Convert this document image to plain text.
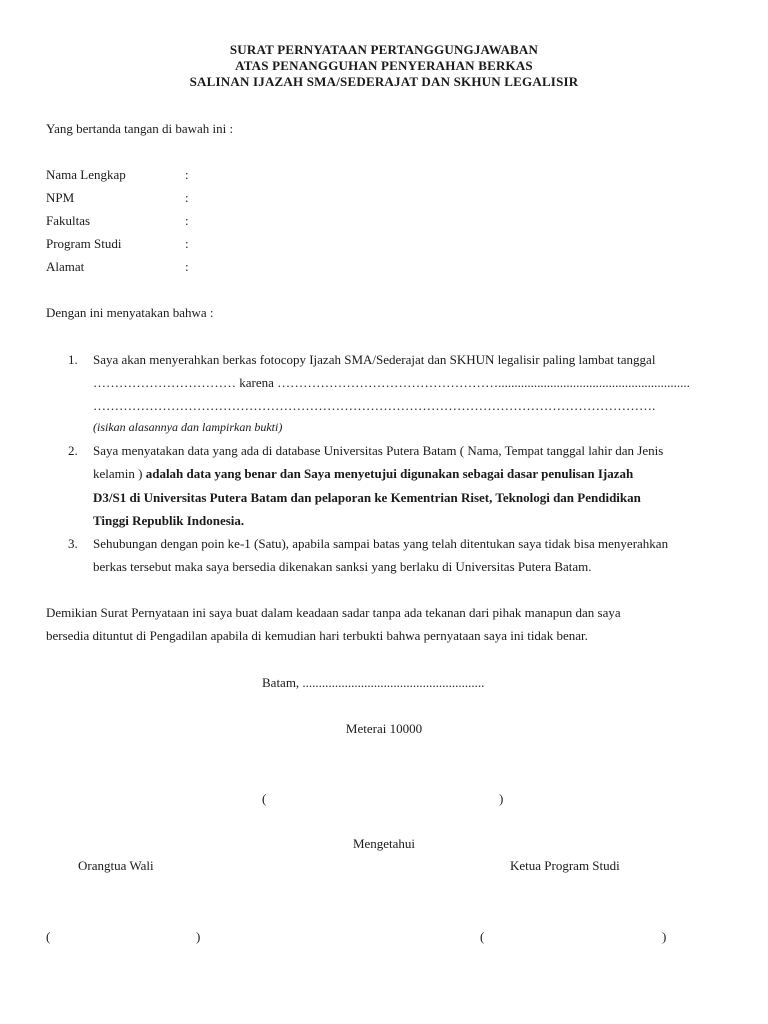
SURAT PERNYATAAN PERTANGGUNGJAWABAN
ATAS PENANGGUHAN PENYERAHAN BERKAS
SALINAN IJAZAH SMA/SEDERAJAT DAN SKHUN LEGALISIR
Yang bertanda tangan di bawah ini :
Nama Lengkap	:
NPM	:
Fakultas	:
Program Studi	:
Alamat	:
Dengan ini menyatakan bahwa :
1. Saya akan menyerahkan berkas fotocopy Ijazah SMA/Sederajat dan SKHUN legalisir paling lambat tanggal
…………………………… karena ……………………………………………...........................................................
………………………………………………………………………………………………………………….
(isikan alasannya dan lampirkan bukti)
2. Saya menyatakan data yang ada di database Universitas Putera Batam ( Nama, Tempat tanggal lahir dan Jenis
kelamin ) adalah data yang benar dan Saya menyetujui digunakan sebagai dasar penulisan Ijazah
D3/S1 di Universitas Putera Batam dan pelaporan ke Kementrian Riset, Teknologi dan Pendidikan
Tinggi Republik Indonesia.
3. Sehubungan dengan poin ke-1 (Satu), apabila sampai batas yang telah ditentukan saya tidak bisa menyerahkan
berkas tersebut maka saya bersedia dikenakan sanksi yang berlaku di Universitas Putera Batam.
Demikian Surat Pernyataan ini saya buat dalam keadaan sadar tanpa ada tekanan dari pihak manapun dan saya
bersedia dituntut di Pengadilan apabila di kemudian hari terbukti bahwa pernyataan saya ini tidak benar.
Batam, ........................................................
Meterai 10000
(	)
Mengetahui
Orangtua Wali	Ketua Program Studi
(	)	(	)
